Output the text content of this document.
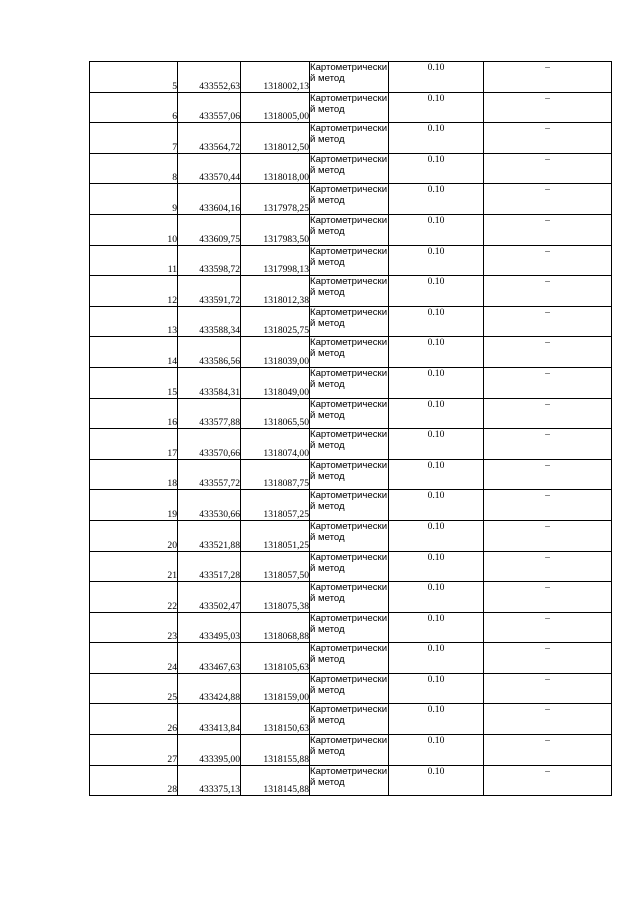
5	433552,63	1318002,13	Картометрический метод	0.10	–
6	433557,06	1318005,00	Картометрический метод	0.10	–
7	433564,72	1318012,50	Картометрический метод	0.10	–
8	433570,44	1318018,00	Картометрический метод	0.10	–
9	433604,16	1317978,25	Картометрический метод	0.10	–
10	433609,75	1317983,50	Картометрический метод	0.10	–
11	433598,72	1317998,13	Картометрический метод	0.10	–
12	433591,72	1318012,38	Картометрический метод	0.10	–
13	433588,34	1318025,75	Картометрический метод	0.10	–
14	433586,56	1318039,00	Картометрический метод	0.10	–
15	433584,31	1318049,00	Картометрический метод	0.10	–
16	433577,88	1318065,50	Картометрический метод	0.10	–
17	433570,66	1318074,00	Картометрический метод	0.10	–
18	433557,72	1318087,75	Картометрический метод	0.10	–
19	433530,66	1318057,25	Картометрический метод	0.10	–
20	433521,88	1318051,25	Картометрический метод	0.10	–
21	433517,28	1318057,50	Картометрический метод	0.10	–
22	433502,47	1318075,38	Картометрический метод	0.10	–
23	433495,03	1318068,88	Картометрический метод	0.10	–
24	433467,63	1318105,63	Картометрический метод	0.10	–
25	433424,88	1318159,00	Картометрический метод	0.10	–
26	433413,84	1318150,63	Картометрический метод	0.10	–
27	433395,00	1318155,88	Картометрический метод	0.10	–
28	433375,13	1318145,88	Картометрический метод	0.10	–
